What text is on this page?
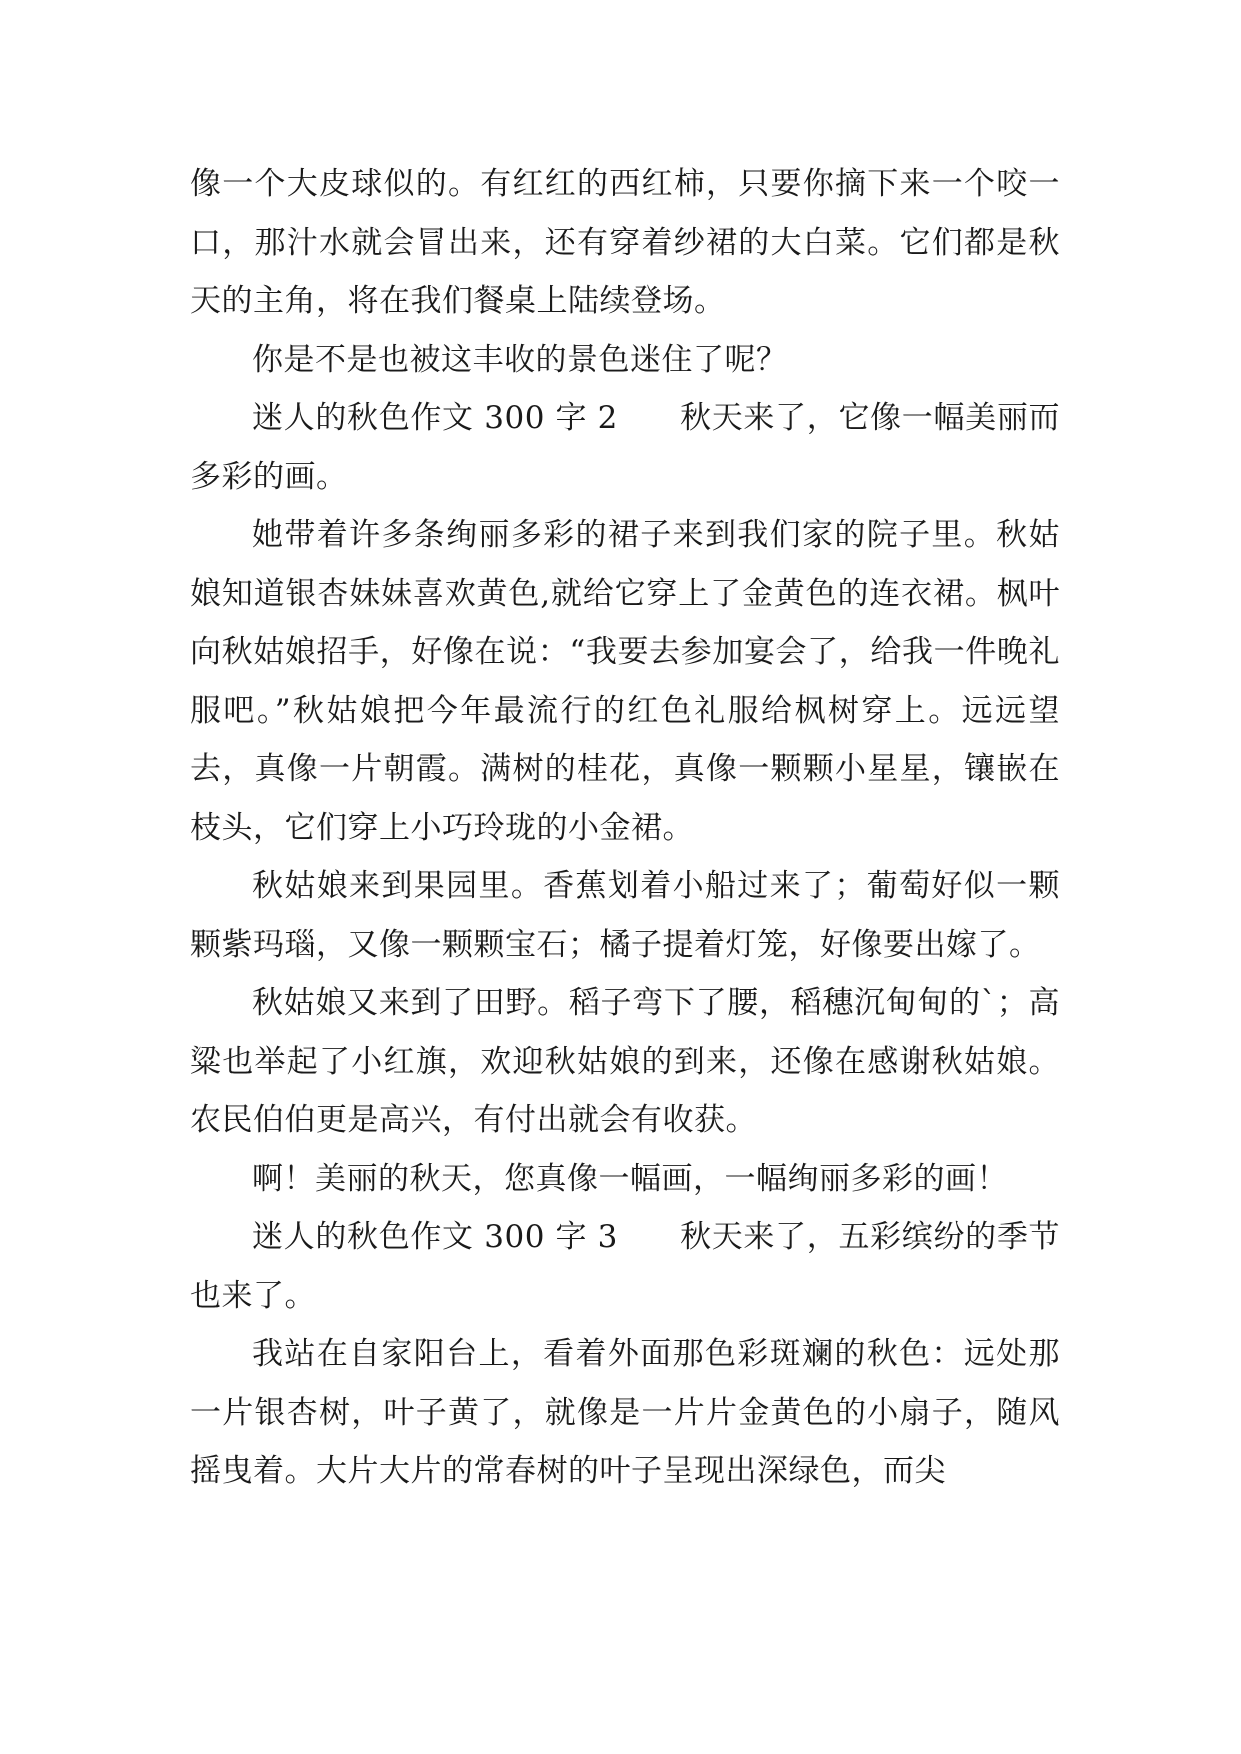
像一个大皮球似的。有红红的西红柿，只要你摘下来一个咬一口，那汁水就会冒出来，还有穿着纱裙的大白菜。它们都是秋天的主角，将在我们餐桌上陆续登场。

你是不是也被这丰收的景色迷住了呢？

迷人的秋色作文 300 字 2 秋天来了，它像一幅美丽而多彩的画。

她带着许多条绚丽多彩的裙子来到我们家的院子里。秋姑娘知道银杏妹妹喜欢黄色,就给它穿上了金黄色的连衣裙。枫叶向秋姑娘招手，好像在说：“我要去参加宴会了，给我一件晚礼服吧。”秋姑娘把今年最流行的红色礼服给枫树穿上。远远望去，真像一片朝霞。满树的桂花，真像一颗颗小星星，镶嵌在枝头，它们穿上小巧玲珑的小金裙。

秋姑娘来到果园里。香蕉划着小船过来了；葡萄好似一颗颗紫玛瑙，又像一颗颗宝石；橘子提着灯笼，好像要出嫁了。

秋姑娘又来到了田野。稻子弯下了腰，稻穗沉甸甸的`；高粱也举起了小红旗，欢迎秋姑娘的到来，还像在感谢秋姑娘。农民伯伯更是高兴，有付出就会有收获。

啊！美丽的秋天，您真像一幅画，一幅绚丽多彩的画！

迷人的秋色作文 300 字 3 秋天来了，五彩缤纷的季节也来了。

我站在自家阳台上，看着外面那色彩斑斓的秋色：远处那一片银杏树，叶子黄了，就像是一片片金黄色的小扇子，随风摇曳着。大片大片的常春树的叶子呈现出深绿色，而尖
